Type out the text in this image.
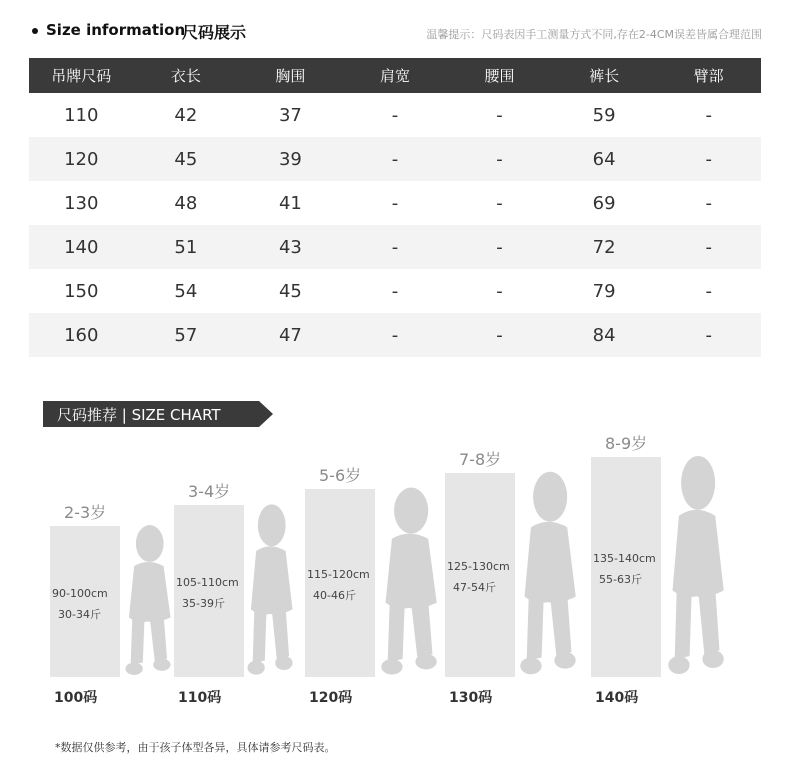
Size information
尺码展示	温馨提示：尺码表因手工测量方式不同,存在2-4CM误差皆属合理范围
吊牌尺码	衣长	胸围	肩宽	腰围	裤长	臂部
110	42	37	-	-	59	-
120	45	39	-	-	64	-
130	48	41	-	-	69	-
140	51	43	-	-	72	-
150	54	45	-	-	79	-
160	57	47	-	-	84	-
尺码推荐 | SIZE CHART
2-3岁
90-100cm
30-34斤
100码
3-4岁
105-110cm
35-39斤
110码
5-6岁
115-120cm
40-46斤
120码
7-8岁
125-130cm
47-54斤
130码
8-9岁
135-140cm
55-63斤
140码
*数据仅供参考，由于孩子体型各异，具体请参考尺码表。
